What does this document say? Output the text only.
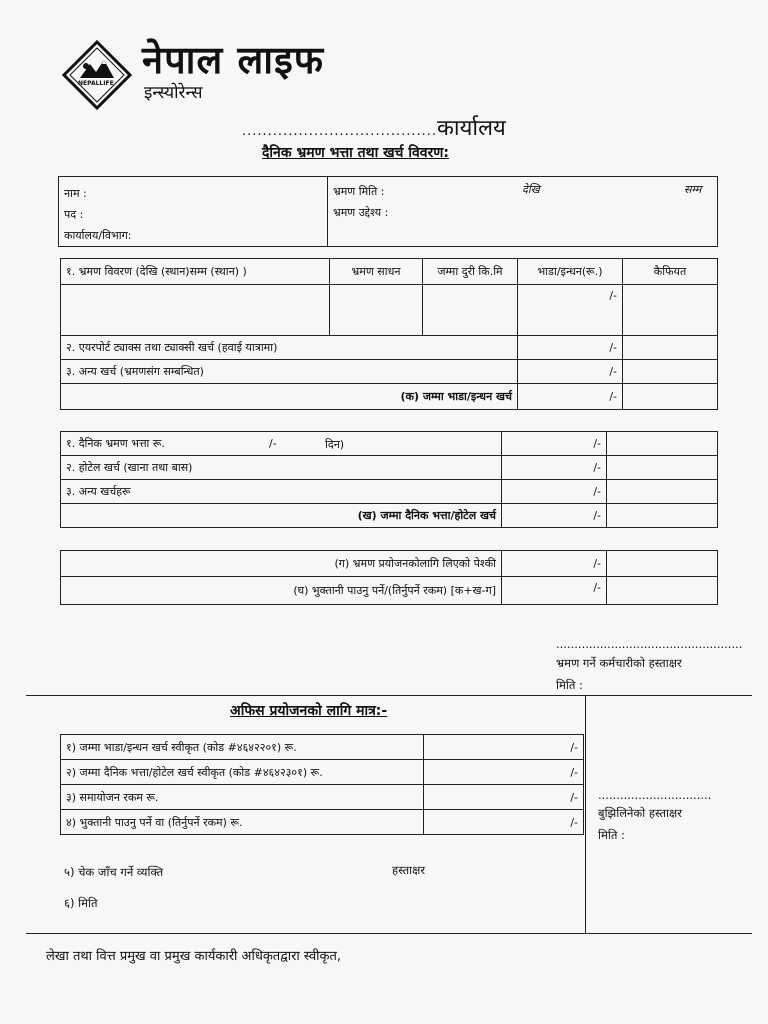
NEPALLIFE
नेपाल लाइफ
इन्स्योरेन्स
......................................कार्यालय
दैनिक भ्रमण भत्ता तथा खर्च विवरण:
नाम :
पद :
कार्यालय/विभाग:

भ्रमण मिति :	देखि	सम्म
भ्रमण उद्देश्य :
१. भ्रमण विवरण (देखि (स्थान)सम्म (स्थान) )	भ्रमण साधन	जम्मा दुरी कि.मि	भाडा/इन्धन(रू.)	कैफियत
			/-	
२. एयरपोर्ट ट्याक्स तथा ट्याक्सी खर्च (हवाई यात्रामा)			/-	
३. अन्य खर्च (भ्रमणसंग सम्बन्धित)			/-	
(क) जम्मा भाडा/इन्धन खर्च			/-	
१. दैनिक भ्रमण भत्ता रू. /- दिन)	/-	
२. होटेल खर्च (खाना तथा बास)	/-	
३. अन्य खर्चहरू	/-	
(ख) जम्मा दैनिक भत्ता/होटेल खर्च	/-	
(ग) भ्रमण प्रयोजनकोलागि लिएको पेश्की	/-	
(घ) भुक्तानी पाउनु पर्ने/(तिर्नुपर्ने रकम) [क+ख-ग]	/-	
...................................................
भ्रमण गर्ने कर्मचारीको हस्ताक्षर
मिति :
अफिस प्रयोजनको लागि मात्र:-
१) जम्मा भाडा/इन्धन खर्च स्वीकृत (कोड #४६४२२०१) रू.	/-
२) जम्मा दैनिक भत्ता/होटेल खर्च स्वीकृत (कोड #४६४२३०१) रू.	/-
३) समायोजन रकम रू.	/-
४) भुक्तानी पाउनु पर्ने वा (तिर्नुपर्ने रकम) रू.	/-
५) चेक जाँच गर्ने व्यक्ति	हस्ताक्षर
६) मिति
...............................
बुझिलिनेको हस्ताक्षर
मिति :
लेखा तथा वित्त प्रमुख वा प्रमुख कार्यकारी अधिकृतद्वारा स्वीकृत,
